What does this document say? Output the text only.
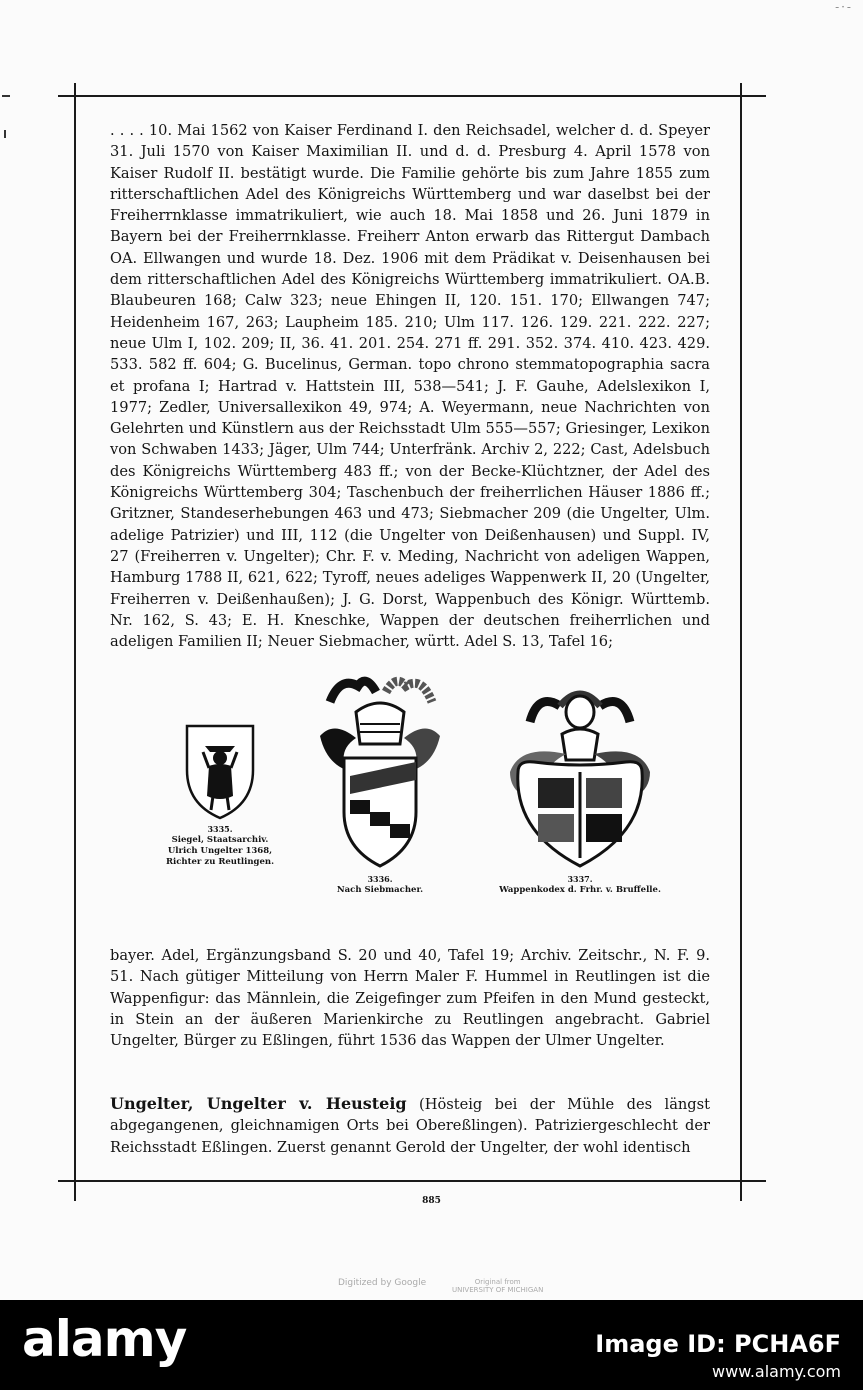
-·-

. . . . 10. Mai 1562 von Kaiser Ferdinand I. den Reichsadel, welcher d. d. Speyer 31. Juli 1570 von Kaiser Maximilian II. und d. d. Presburg 4. April 1578 von Kaiser Rudolf II. bestätigt wurde. Die Familie gehörte bis zum Jahre 1855 zum ritterschaftlichen Adel des Königreichs Württemberg und war daselbst bei der Freiherrnklasse immatrikuliert, wie auch 18. Mai 1858 und 26. Juni 1879 in Bayern bei der Freiherrnklasse. Freiherr Anton erwarb das Rittergut Dambach OA. Ellwangen und wurde 18. Dez. 1906 mit dem Prädikat v. Deisenhausen bei dem ritterschaftlichen Adel des Königreichs Württemberg immatrikuliert. OA.B. Blaubeuren 168; Calw 323; neue Ehingen II, 120. 151. 170; Ellwangen 747; Heidenheim 167, 263; Laupheim 185. 210; Ulm 117. 126. 129. 221. 222. 227; neue Ulm I, 102. 209; II, 36. 41. 201. 254. 271 ff. 291. 352. 374. 410. 423. 429. 533. 582 ff. 604; G. Bucelinus, German. topo chrono stemmatopographia sacra et profana I; Hartrad v. Hattstein III, 538—541; J. F. Gauhe, Adelslexikon I, 1977; Zedler, Universallexikon 49, 974; A. Weyermann, neue Nachrichten von Gelehrten und Künstlern aus der Reichsstadt Ulm 555—557; Griesinger, Lexikon von Schwaben 1433; Jäger, Ulm 744; Unterfränk. Archiv 2, 222; Cast, Adelsbuch des Königreichs Württemberg 483 ff.; von der Becke-Klüchtzner, der Adel des Königreichs Württemberg 304; Taschenbuch der freiherrlichen Häuser 1886 ff.; Gritzner, Standeserhebungen 463 und 473; Siebmacher 209 (die Ungelter, Ulm. adelige Patrizier) und III, 112 (die Ungelter von Deißenhausen) und Suppl. IV, 27 (Freiherren v. Ungelter); Chr. F. v. Meding, Nachricht von adeligen Wappen, Hamburg 1788 II, 621, 622; Tyroff, neues adeliges Wappenwerk II, 20 (Ungelter, Freiherren v. Deißenhaußen); J. G. Dorst, Wappenbuch des Königr. Württemb. Nr. 162, S. 43; E. H. Kneschke, Wappen der deutschen freiherrlichen und adeligen Familien II; Neuer Siebmacher, württ. Adel S. 13, Tafel 16;

3335.
Siegel, Staatsarchiv.
Ulrich Ungelter 1368,
Richter zu Reutlingen.
3336.
Nach Siebmacher.
3337.
Wappenkodex d. Frhr. v. Bruffelle.

bayer. Adel, Ergänzungsband S. 20 und 40, Tafel 19; Archiv. Zeitschr., N. F. 9. 51. Nach gütiger Mitteilung von Herrn Maler F. Hummel in Reutlingen ist die Wappenfigur: das Männlein, die Zeigefinger zum Pfeifen in den Mund gesteckt, in Stein an der äußeren Marienkirche zu Reutlingen angebracht. Gabriel Ungelter, Bürger zu Eßlingen, führt 1536 das Wappen der Ulmer Ungelter.

Ungelter, Ungelter v. Heusteig (Hösteig bei der Mühle des längst abgegangenen, gleichnamigen Orts bei Obereßlingen). Patriziergeschlecht der Reichsstadt Eßlingen. Zuerst genannt Gerold der Ungelter, der wohl identisch

885
Digitized by Google	Original from
UNIVERSITY OF MICHIGAN
alamy	Image ID: PCHA6F
www.alamy.com
